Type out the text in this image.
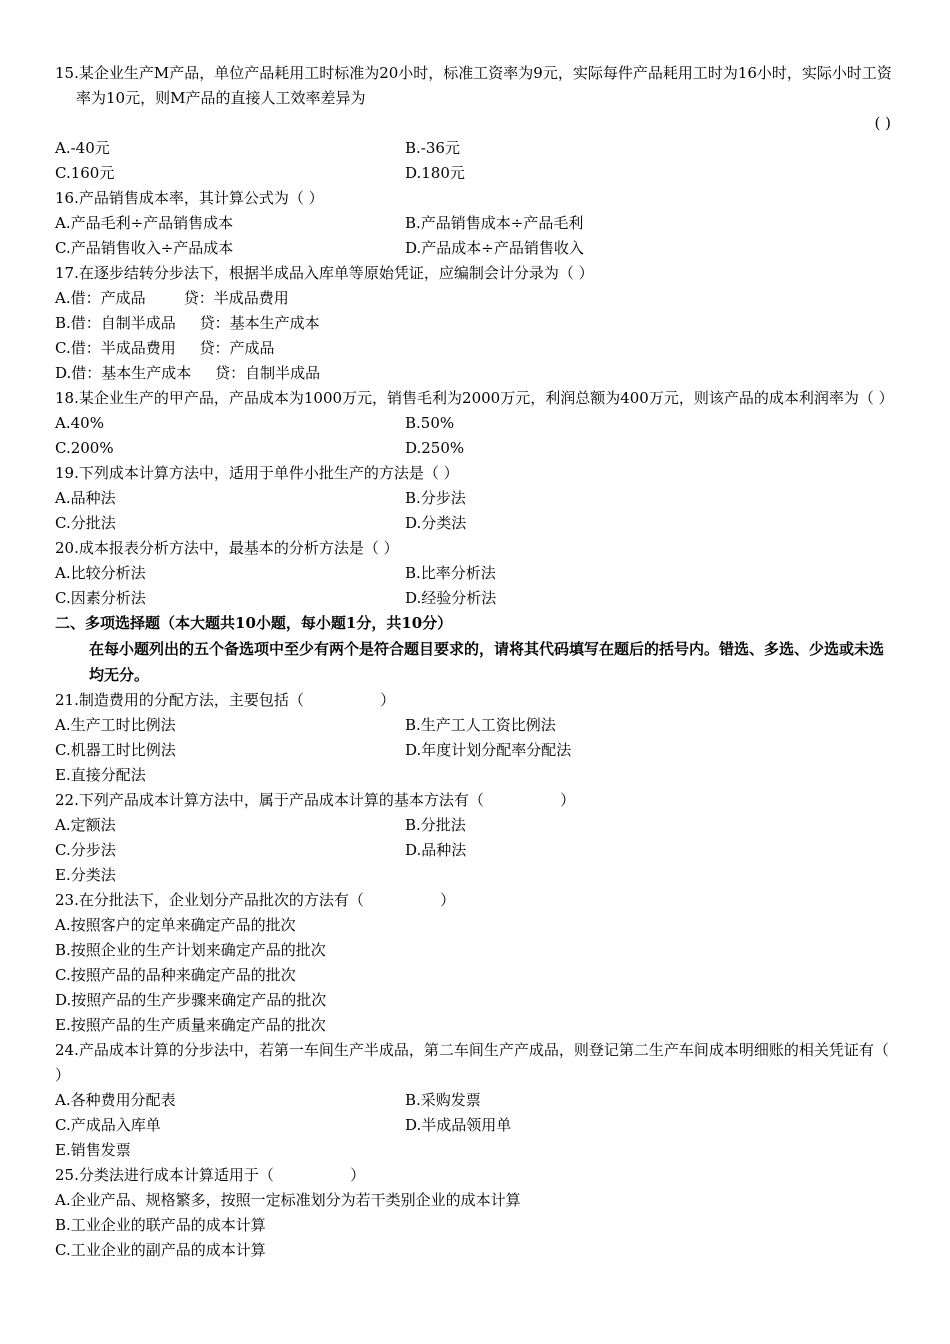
15.某企业生产M产品，单位产品耗用工时标准为20小时，标准工资率为9元，实际每件产品耗用工时为16小时，实际小时工资率为10元，则M产品的直接人工效率差异为
( )
A.-40元	B.-36元
C.160元	D.180元
16.产品销售成本率，其计算公式为（ ）
A.产品毛利÷产品销售成本	B.产品销售成本÷产品毛利
C.产品销售收入÷产品成本	D.产品成本÷产品销售收入
17.在逐步结转分步法下，根据半成品入库单等原始凭证，应编制会计分录为（ ）
A.借：产成品        贷：半成品费用
B.借：自制半成品     贷：基本生产成本
C.借：半成品费用     贷：产成品
D.借：基本生产成本     贷：自制半成品
18.某企业生产的甲产品，产品成本为1000万元，销售毛利为2000万元，利润总额为400万元，则该产品的成本利润率为（ ）
A.40%	B.50%
C.200%	D.250%
19.下列成本计算方法中，适用于单件小批生产的方法是（ ）
A.品种法	B.分步法
C.分批法	D.分类法
20.成本报表分析方法中，最基本的分析方法是（ ）
A.比较分析法	B.比率分析法
C.因素分析法	D.经验分析法
二、多项选择题（本大题共10小题，每小题1分，共10分）
在每小题列出的五个备选项中至少有两个是符合题目要求的，请将其代码填写在题后的括号内。错选、多选、少选或未选均无分。
21.制造费用的分配方法，主要包括（                ）
A.生产工时比例法	B.生产工人工资比例法
C.机器工时比例法	D.年度计划分配率分配法
E.直接分配法
22.下列产品成本计算方法中，属于产品成本计算的基本方法有（                ）
A.定额法	B.分批法
C.分步法	D.品种法
E.分类法
23.在分批法下，企业划分产品批次的方法有（                ）
A.按照客户的定单来确定产品的批次
B.按照企业的生产计划来确定产品的批次
C.按照产品的品种来确定产品的批次
D.按照产品的生产步骤来确定产品的批次
E.按照产品的生产质量来确定产品的批次
24.产品成本计算的分步法中，若第一车间生产半成品，第二车间生产产成品，则登记第二生产车间成本明细账的相关凭证有（ ）
A.各种费用分配表	B.采购发票
C.产成品入库单	D.半成品领用单
E.销售发票
25.分类法进行成本计算适用于（                ）
A.企业产品、规格繁多，按照一定标准划分为若干类别企业的成本计算
B.工业企业的联产品的成本计算
C.工业企业的副产品的成本计算
